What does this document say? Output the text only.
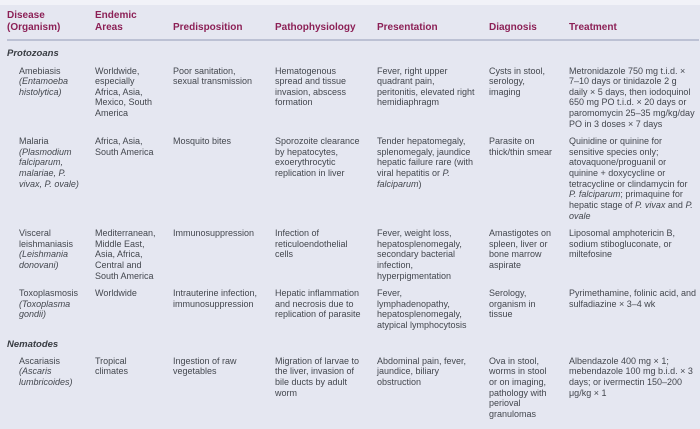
Disease (Organism)	Endemic Areas	Predisposition	Pathophysiology	Presentation	Diagnosis	Treatment
Protozoans						

Amebiasis
(Entamoeba histolytica)	Worldwide, especially Africa, Asia, Mexico, South America	Poor sanitation, sexual transmission	Hematogenous spread and tissue invasion, abscess formation	Fever, right upper quadrant pain, peritonitis, elevated right hemidiaphragm	Cysts in stool, serology, imaging	Metronidazole 750 mg t.i.d. × 7–10 days or tinidazole 2 g daily × 5 days, then iodoquinol 650 mg PO t.i.d. × 20 days or paromomycin 25–35 mg/kg/day PO in 3 doses × 7 days

Malaria
(Plasmodium falciparum, malariae, P. vivax, P. ovale)	Africa, Asia, South America	Mosquito bites	Sporozoite clearance by hepatocytes, exoerythrocytic replication in liver	Tender hepatomegaly, splenomegaly, jaundice hepatic failure rare (with viral hepatitis or P. falciparum)	Parasite on thick/thin smear	Quinidine or quinine for sensitive species only; atovaquone/proguanil or quinine + doxycycline or tetracycline or clindamycin for P. falciparum; primaquine for hepatic stage of P. vivax and P. ovale

Visceral leishmaniasis
(Leishmania donovani)	Mediterranean, Middle East, Asia, Africa, Central and South America	Immunosuppression	Infection of reticuloendothelial cells	Fever, weight loss, hepatosplenomegaly, secondary bacterial infection, hyperpigmentation	Amastigotes on spleen, liver or bone marrow aspirate	Liposomal amphotericin B, sodium stibogluconate, or miltefosine

Toxoplasmosis
(Toxoplasma gondii)	Worldwide	Intrauterine infection, immunosuppression	Hepatic inflammation and necrosis due to replication of parasite	Fever, lymphadenopathy, hepatosplenomegaly, atypical lymphocytosis	Serology, organism in tissue	Pyrimethamine, folinic acid, and sulfadiazine × 3–4 wk
Nematodes						

Ascariasis
(Ascaris lumbricoides)	Tropical climates	Ingestion of raw vegetables	Migration of larvae to the liver, invasion of bile ducts by adult worm	Abdominal pain, fever, jaundice, biliary obstruction	Ova in stool, worms in stool or on imaging, pathology with perioval granulomas	Albendazole 400 mg × 1; mebendazole 100 mg b.i.d. × 3 days; or ivermectin 150–200 μg/kg × 1
